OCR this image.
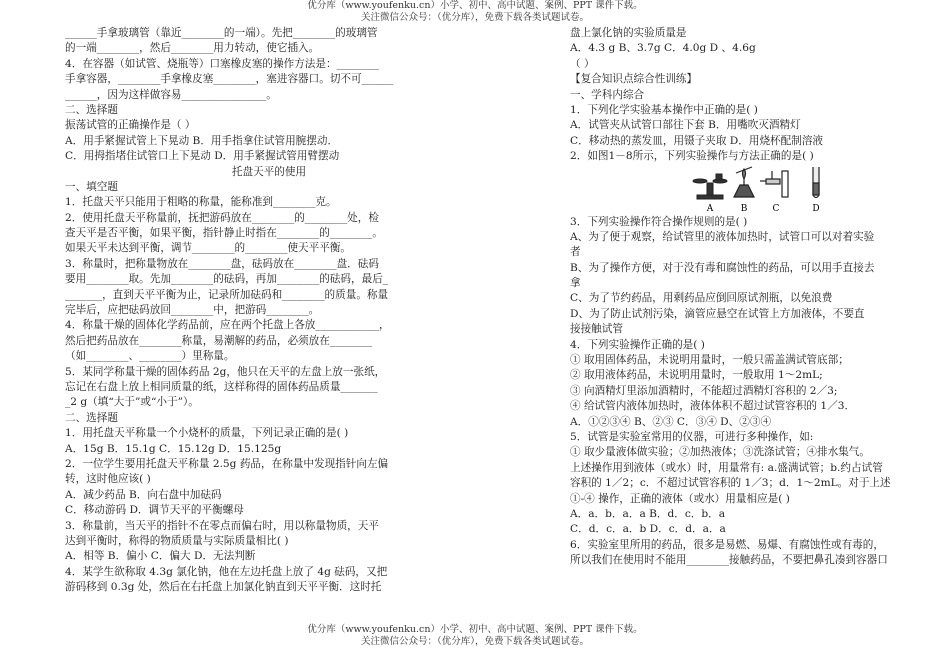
优分库（www.youfenku.cn）小学、初中、高中试题、案例、PPT 课件下载。
关注微信公众号：（优分库），免费下载各类试题试卷。
______手拿玻璃管（靠近________的一端）。先把________的玻璃管
的一端________，然后________用力转动，使它插入。
4．在容器（如试管、烧瓶等）口塞橡皮塞的操作方法是：________
手拿容器，________手拿橡皮塞________，塞进容器口。切不可______
______，因为这样做容易________________。
二、选择题
振荡试管的正确操作是（ ）
A．用手紧握试管上下晃动 B．用手指拿住试管用腕摆动．
C．用拇指堵住试管口上下晃动 D．用手紧握试管用臂摆动
托盘天平的使用
一、填空题
1．托盘天平只能用于粗略的称量，能称准到________克。
2．使用托盘天平称量前，抚把游码放在________的________处，检
查天平是否平衡，如果平衡，指针静止时指在________的________。
如果天平未达到平衡，调节________的________使天平平衡。
3．称量时，把称量物放在________盘，砝码放在________盘．砝码
要用________取。先加________的砝码，再加________的砝码，最后_
_______，直到天平平衡为止，记录所加砝码和________的质量。称量
完毕后，应把砝码放回________中，把游码________。
4．称量干燥的固体化学药品前，应在两个托盘上各放____________，
然后把药品放在________称量，易潮解的药品，必须放在________
（如________、________）里称量。
5．某同学称量干燥的固体药品 2g，他只在天平的左盘上放一张纸，
忘记在右盘上放上相同质量的纸，这样称得的固体药品质量_______
_2 g（填“大于”或“小于”）。
二、选择题
1．用托盘天平称量一个小烧杯的质量，下列记录正确的是( )
A．15g B．15.1g C．15.12g D．15.125g
2．一位学生要用托盘天平称量 2.5g 药品，在称量中发现指针向左偏
转，这时他应该( )
A．减少药品 B．向右盘中加砝码
C．移动游码 D．调节天平的平衡螺母
3．称量前，当天平的指针不在零点而偏右时，用以称量物质，天平
达到平衡时，称得的物质质量与实际质量相比( )
A．相等 B．偏小 C．偏大 D．无法判断
4．某学生欲称取 4.3g 氯化钠，他在左边托盘上放了 4g 砝码，又把
游码移到 0.3g 处，然后在右托盘上加氯化钠直到天平平衡．这时托
盘上氯化钠的实验质量是
A．4.3 g B、3.7g C．4.0g D 、4.6g
（ ）
【复合知识点综合性训练】
一、学科内综合
1．下列化学实验基本操作中正确的是( )
A．试管夹从试管口部往下套 B．用嘴吹灭酒精灯
C．移动热的蒸发皿，用镊子夹取 D．用烧杯配制溶液
2．如图1－8所示，下列实验操作与方法正确的是( )
A	B	C	D
3．下列实验操作符合操作规则的是( )
A、为了便于观察，给试管里的液体加热时，试管口可以对着实验
者
B、为了操作方便，对于没有毒和腐蚀性的药品，可以用手直接去
拿
C、为了节约药品，用剩药品应倒回原试剂瓶，以免浪费
D、为了防止试剂污染，滴管应悬空在试管上方加液体，不要直
接接触试管
4．下列实验操作正确的是( )
① 取用固体药品，未说明用量时，一般只需盖满试管底部；
② 取用液体药品，未说明用量时，一般取用 1～2mL;
③ 向酒精灯里添加酒精时，不能超过酒精灯容积的 2／3;
④ 给试管内液体加热时，液体体积不超过试管容积的 1／3．
A．①②③④ B、②③ C．③④ D、②③④
5．试管是实验室常用的仪器，可进行多种操作，如:
① 取少量液体做实验；②加热液体；③洗涤试管；④排水集气。
上述操作用到液体（或水）时，用量常有: a.盛满试管；b.约占试管
容积的 1／2；c．不超过试管容积的 1／3；d．1～2mL。对于上述
①-④ 操作，正确的液体（或水）用量相应是( )
A．a．b．a．a B．d．c．b．a
C．d．c．a．b D．c．d．a．a
6．实验室里所用的药品，很多是易燃、易爆、有腐蚀性或有毒的，
所以我们在使用时不能用________接触药品，不要把鼻孔凑到容器口
优分库（www.youfenku.cn）小学、初中、高中试题、案例、PPT 课件下载。
关注微信公众号：（优分库），免费下载各类试题试卷。
